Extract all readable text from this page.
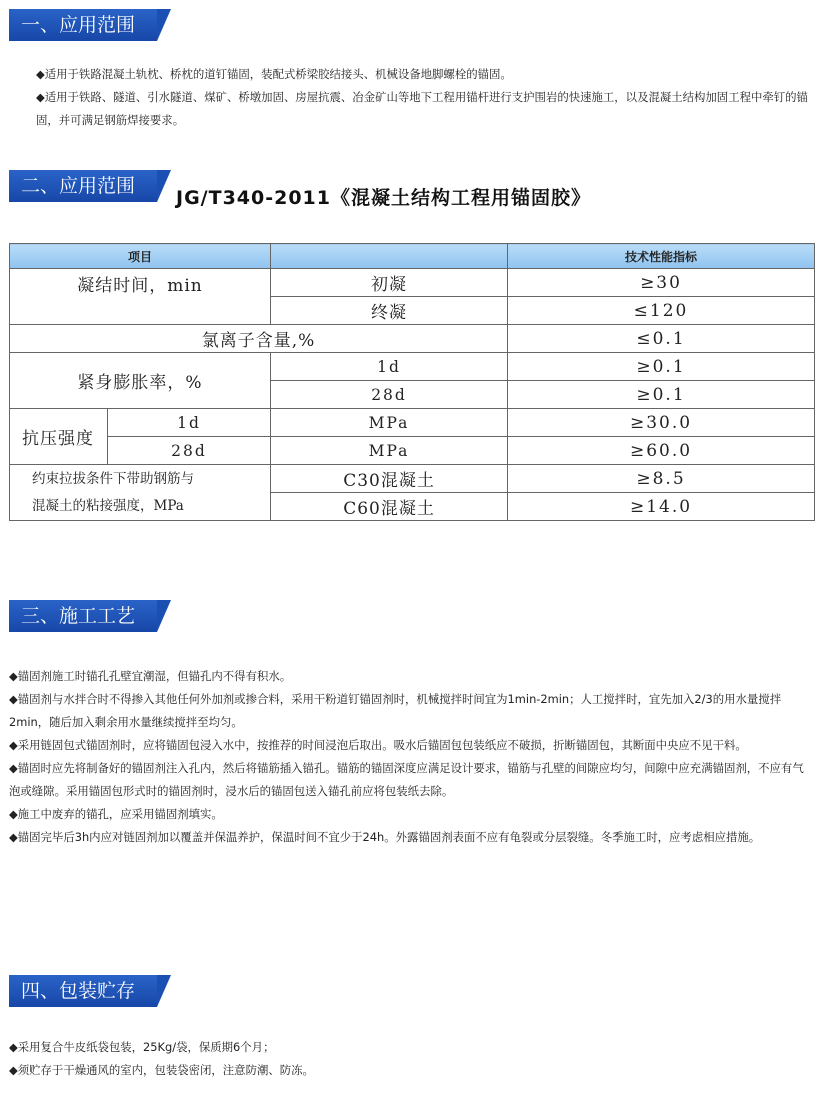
一、应用范围

◆适用于铁路混凝土轨枕、桥枕的道钉锚固，装配式桥梁胶结接头、机械设备地脚螺栓的锚固。

◆适用于铁路、隧道、引水隧道、煤矿、桥墩加固、房屋抗震、冶金矿山等地下工程用锚杆进行支护围岩的快速施工，以及混凝土结构加固工程中牵钉的锚固，并可满足钢筋焊接要求。

二、应用范围
JG/T340-2011《混凝土结构工程用锚固胶》
项目			技术性能指标
凝结时间，min		初凝	≥30
		终凝	≤120
氯离子含量,%			≤0.1
紧身膨胀率，%		1d	≥0.1
		28d	≥0.1
抗压强度	1d	MPa	≥30.0
	28d	MPa	≥60.0

约束拉拔条件下带助钢筋与
混凝土的粘接强度，MPa		C30混凝土	≥8.5
		C60混凝土	≥14.0
三、施工工艺

◆锚固剂施工时锚孔孔壁宜潮湿，但锚孔内不得有积水。

◆锚固剂与水拌合时不得掺入其他任何外加剂或掺合料，采用干粉道钉锚固剂时，机械搅拌时间宜为1min-2min；人工搅拌时，宜先加入2/3的用水量搅拌2min，随后加入剩余用水量继续搅拌至均匀。

◆采用链固包式锚固剂时，应将锚固包浸入水中，按推荐的时间浸泡后取出。吸水后锚固包包装纸应不破损，折断锚固包，其断面中央应不见干料。

◆锚固时应先将制备好的锚固剂注入孔内，然后将锚筋插入锚孔。锚筋的锚固深度应满足设计要求，锚筋与孔壁的间隙应均匀，间隙中应充满锚固剂，不应有气泡或缝隙。采用锚固包形式时的锚固剂时，浸水后的锚固包送入锚孔前应将包装纸去除。

◆施工中废弃的锚孔，应采用锚固剂填实。

◆锚固完毕后3h内应对链固剂加以覆盖并保温养护，保温时间不宜少于24h。外露锚固剂表面不应有龟裂或分层裂缝。冬季施工时，应考虑相应措施。

四、包装贮存

◆采用复合牛皮纸袋包装，25Kg/袋，保质期6个月；

◆须贮存于干燥通风的室内，包装袋密闭，注意防潮、防冻。
